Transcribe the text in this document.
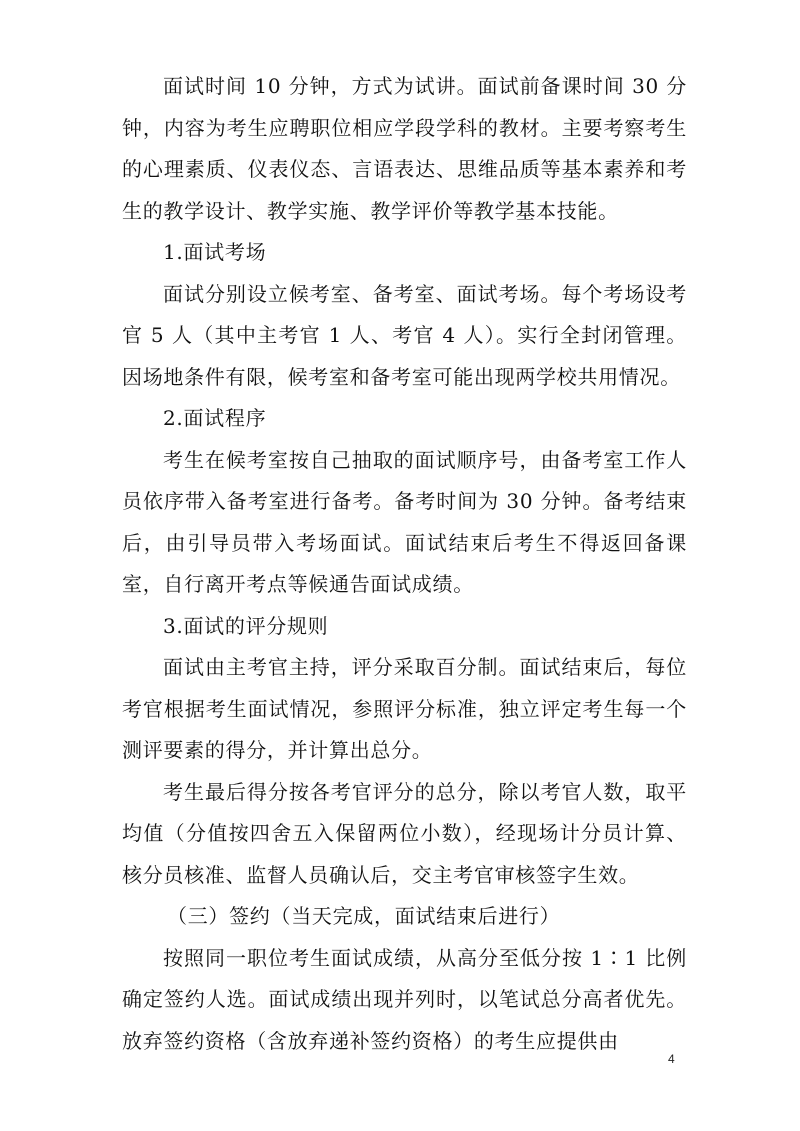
面试时间 10 分钟，方式为试讲。面试前备课时间 30 分钟，内容为考生应聘职位相应学段学科的教材。主要考察考生的心理素质、仪表仪态、言语表达、思维品质等基本素养和考生的教学设计、教学实施、教学评价等教学基本技能。

1.面试考场

面试分别设立候考室、备考室、面试考场。每个考场设考官 5 人（其中主考官 1 人、考官 4 人）。实行全封闭管理。因场地条件有限，候考室和备考室可能出现两学校共用情况。

2.面试程序

考生在候考室按自己抽取的面试顺序号，由备考室工作人员依序带入备考室进行备考。备考时间为 30 分钟。备考结束后，由引导员带入考场面试。面试结束后考生不得返回备课室，自行离开考点等候通告面试成绩。

3.面试的评分规则

面试由主考官主持，评分采取百分制。面试结束后，每位考官根据考生面试情况，参照评分标准，独立评定考生每一个测评要素的得分，并计算出总分。

考生最后得分按各考官评分的总分，除以考官人数，取平均值（分值按四舍五入保留两位小数），经现场计分员计算、核分员核准、监督人员确认后，交主考官审核签字生效。

（三）签约（当天完成，面试结束后进行）

按照同一职位考生面试成绩，从高分至低分按 1∶1 比例确定签约人选。面试成绩出现并列时，以笔试总分高者优先。放弃签约资格（含放弃递补签约资格）的考生应提供由

4
